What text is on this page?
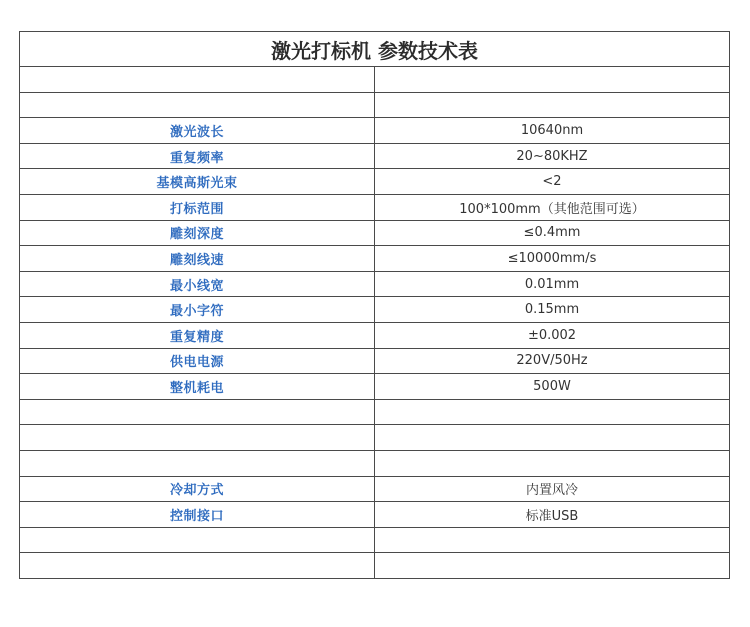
激光打标机 参数技术表	

激光波长	10640nm
重复频率	20~80KHZ
基模高斯光束	<2
打标范围	100*100mm（其他范围可选）
雕刻深度	≤0.4mm
雕刻线速	≤10000mm/s
最小线宽	0.01mm
最小字符	0.15mm
重复精度	±0.002
供电电源	220V/50Hz
整机耗电	500W

冷却方式	内置风冷
控制接口	标准USB
